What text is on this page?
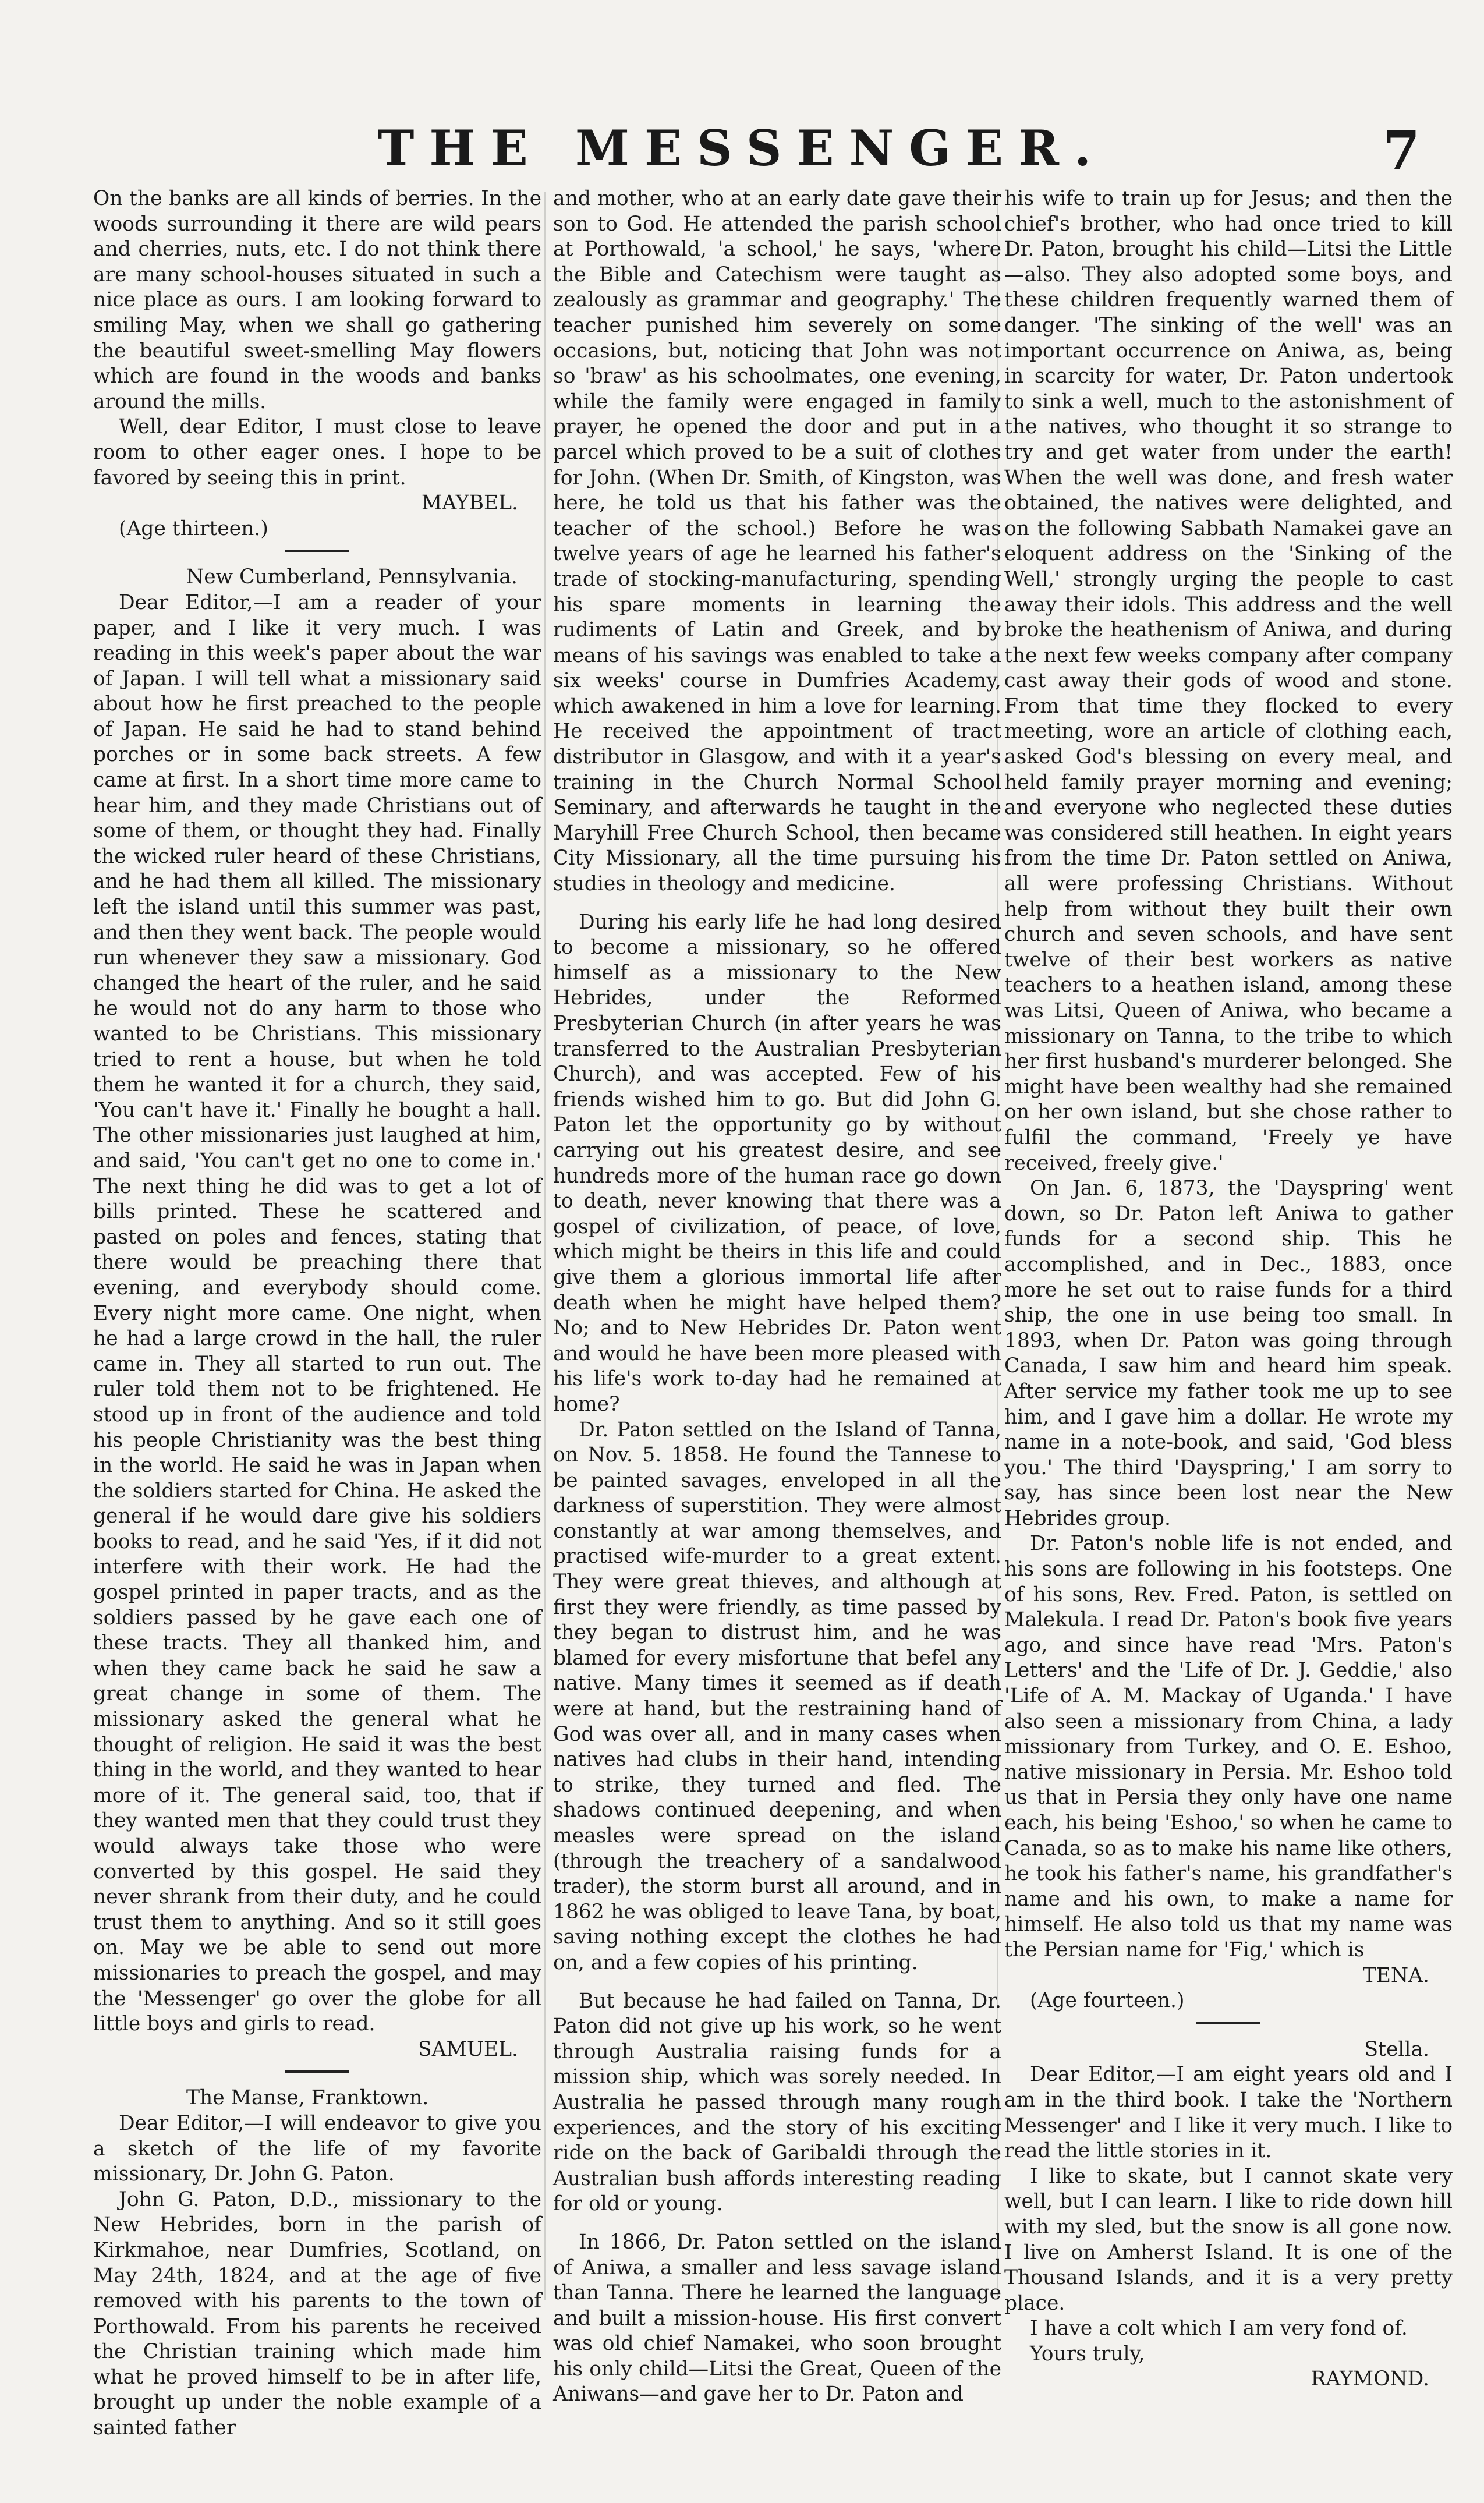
THE MESSENGER.	7

On the banks are all kinds of berries. In the woods surrounding it there are wild pears and cherries, nuts, etc. I do not think there are many school-houses situated in such a nice place as ours. I am looking forward to smiling May, when we shall go gathering the beautiful sweet-smelling May flowers which are found in the woods and banks around the mills.

Well, dear Editor, I must close to leave room to other eager ones. I hope to be favored by seeing this in print.

MAYBEL.

(Age thirteen.)

New Cumberland, Pennsylvania.

Dear Editor,—I am a reader of your paper, and I like it very much. I was reading in this week's paper about the war of Japan. I will tell what a missionary said about how he first preached to the people of Japan. He said he had to stand behind porches or in some back streets. A few came at first. In a short time more came to hear him, and they made Christians out of some of them, or thought they had. Finally the wicked ruler heard of these Christians, and he had them all killed. The missionary left the island until this summer was past, and then they went back. The people would run whenever they saw a missionary. God changed the heart of the ruler, and he said he would not do any harm to those who wanted to be Christians. This missionary tried to rent a house, but when he told them he wanted it for a church, they said, 'You can't have it.' Finally he bought a hall. The other missionaries just laughed at him, and said, 'You can't get no one to come in.' The next thing he did was to get a lot of bills printed. These he scattered and pasted on poles and fences, stating that there would be preaching there that evening, and everybody should come. Every night more came. One night, when he had a large crowd in the hall, the ruler came in. They all started to run out. The ruler told them not to be frightened. He stood up in front of the audience and told his people Christianity was the best thing in the world. He said he was in Japan when the soldiers started for China. He asked the general if he would dare give his soldiers books to read, and he said 'Yes, if it did not interfere with their work. He had the gospel printed in paper tracts, and as the soldiers passed by he gave each one of these tracts. They all thanked him, and when they came back he said he saw a great change in some of them. The missionary asked the general what he thought of religion. He said it was the best thing in the world, and they wanted to hear more of it. The general said, too, that if they wanted men that they could trust they would always take those who were converted by this gospel. He said they never shrank from their duty, and he could trust them to anything. And so it still goes on. May we be able to send out more missionaries to preach the gospel, and may the 'Messenger' go over the globe for all little boys and girls to read.

SAMUEL.

The Manse, Franktown.

Dear Editor,—I will endeavor to give you a sketch of the life of my favorite missionary, Dr. John G. Paton.

John G. Paton, D.D., missionary to the New Hebrides, born in the parish of Kirkmahoe, near Dumfries, Scotland, on May 24th, 1824, and at the age of five removed with his parents to the town of Porthowald. From his parents he received the Christian training which made him what he proved himself to be in after life, brought up under the noble example of a sainted father

and mother, who at an early date gave their son to God. He attended the parish school at Porthowald, 'a school,' he says, 'where the Bible and Catechism were taught as zealously as grammar and geography.' The teacher punished him severely on some occasions, but, noticing that John was not so 'braw' as his schoolmates, one evening, while the family were engaged in family prayer, he opened the door and put in a parcel which proved to be a suit of clothes for John. (When Dr. Smith, of Kingston, was here, he told us that his father was the teacher of the school.) Before he was twelve years of age he learned his father's trade of stocking-manufacturing, spending his spare moments in learning the rudiments of Latin and Greek, and by means of his savings was enabled to take a six weeks' course in Dumfries Academy, which awakened in him a love for learning. He received the appointment of tract distributor in Glasgow, and with it a year's training in the Church Normal School Seminary, and afterwards he taught in the Maryhill Free Church School, then became City Missionary, all the time pursuing his studies in theology and medicine.

During his early life he had long desired to become a missionary, so he offered himself as a missionary to the New Hebrides, under the Reformed Presbyterian Church (in after years he was transferred to the Australian Presbyterian Church), and was accepted. Few of his friends wished him to go. But did John G. Paton let the opportunity go by without carrying out his greatest desire, and see hundreds more of the human race go down to death, never knowing that there was a gospel of civilization, of peace, of love, which might be theirs in this life and could give them a glorious immortal life after death when he might have helped them? No; and to New Hebrides Dr. Paton went and would he have been more pleased with his life's work to-day had he remained at home?

Dr. Paton settled on the Island of Tanna, on Nov. 5. 1858. He found the Tannese to be painted savages, enveloped in all the darkness of superstition. They were almost constantly at war among themselves, and practised wife-murder to a great extent. They were great thieves, and although at first they were friendly, as time passed by they began to distrust him, and he was blamed for every misfortune that befel any native. Many times it seemed as if death were at hand, but the restraining hand of God was over all, and in many cases when natives had clubs in their hand, intending to strike, they turned and fled. The shadows continued deepening, and when measles were spread on the island (through the treachery of a sandalwood trader), the storm burst all around, and in 1862 he was obliged to leave Tana, by boat, saving nothing except the clothes he had on, and a few copies of his printing.

But because he had failed on Tanna, Dr. Paton did not give up his work, so he went through Australia raising funds for a mission ship, which was sorely needed. In Australia he passed through many rough experiences, and the story of his exciting ride on the back of Garibaldi through the Australian bush affords interesting reading for old or young.

In 1866, Dr. Paton settled on the island of Aniwa, a smaller and less savage island than Tanna. There he learned the language and built a mission-house. His first convert was old chief Namakei, who soon brought his only child—Litsi the Great, Queen of the Aniwans—and gave her to Dr. Paton and

his wife to train up for Jesus; and then the chief's brother, who had once tried to kill Dr. Paton, brought his child—Litsi the Little—also. They also adopted some boys, and these children frequently warned them of danger. 'The sinking of the well' was an important occurrence on Aniwa, as, being in scarcity for water, Dr. Paton undertook to sink a well, much to the astonishment of the natives, who thought it so strange to try and get water from under the earth! When the well was done, and fresh water obtained, the natives were delighted, and on the following Sabbath Namakei gave an eloquent address on the 'Sinking of the Well,' strongly urging the people to cast away their idols. This address and the well broke the heathenism of Aniwa, and during the next few weeks company after company cast away their gods of wood and stone. From that time they flocked to every meeting, wore an article of clothing each, asked God's blessing on every meal, and held family prayer morning and evening; and everyone who neglected these duties was considered still heathen. In eight years from the time Dr. Paton settled on Aniwa, all were professing Christians. Without help from without they built their own church and seven schools, and have sent twelve of their best workers as native teachers to a heathen island, among these was Litsi, Queen of Aniwa, who became a missionary on Tanna, to the tribe to which her first husband's murderer belonged. She might have been wealthy had she remained on her own island, but she chose rather to fulfil the command, 'Freely ye have received, freely give.'

On Jan. 6, 1873, the 'Dayspring' went down, so Dr. Paton left Aniwa to gather funds for a second ship. This he accomplished, and in Dec., 1883, once more he set out to raise funds for a third ship, the one in use being too small. In 1893, when Dr. Paton was going through Canada, I saw him and heard him speak. After service my father took me up to see him, and I gave him a dollar. He wrote my name in a note-book, and said, 'God bless you.' The third 'Dayspring,' I am sorry to say, has since been lost near the New Hebrides group.

Dr. Paton's noble life is not ended, and his sons are following in his footsteps. One of his sons, Rev. Fred. Paton, is settled on Malekula. I read Dr. Paton's book five years ago, and since have read 'Mrs. Paton's Letters' and the 'Life of Dr. J. Geddie,' also 'Life of A. M. Mackay of Uganda.' I have also seen a missionary from China, a lady missionary from Turkey, and O. E. Eshoo, native missionary in Persia. Mr. Eshoo told us that in Persia they only have one name each, his being 'Eshoo,' so when he came to Canada, so as to make his name like others, he took his father's name, his grandfather's name and his own, to make a name for himself. He also told us that my name was the Persian name for 'Fig,' which is

TENA.

(Age fourteen.)

Stella.

Dear Editor,—I am eight years old and I am in the third book. I take the 'Northern Messenger' and I like it very much. I like to read the little stories in it.

I like to skate, but I cannot skate very well, but I can learn. I like to ride down hill with my sled, but the snow is all gone now. I live on Amherst Island. It is one of the Thousand Islands, and it is a very pretty place.

I have a colt which I am very fond of.

Yours truly,

RAYMOND.
